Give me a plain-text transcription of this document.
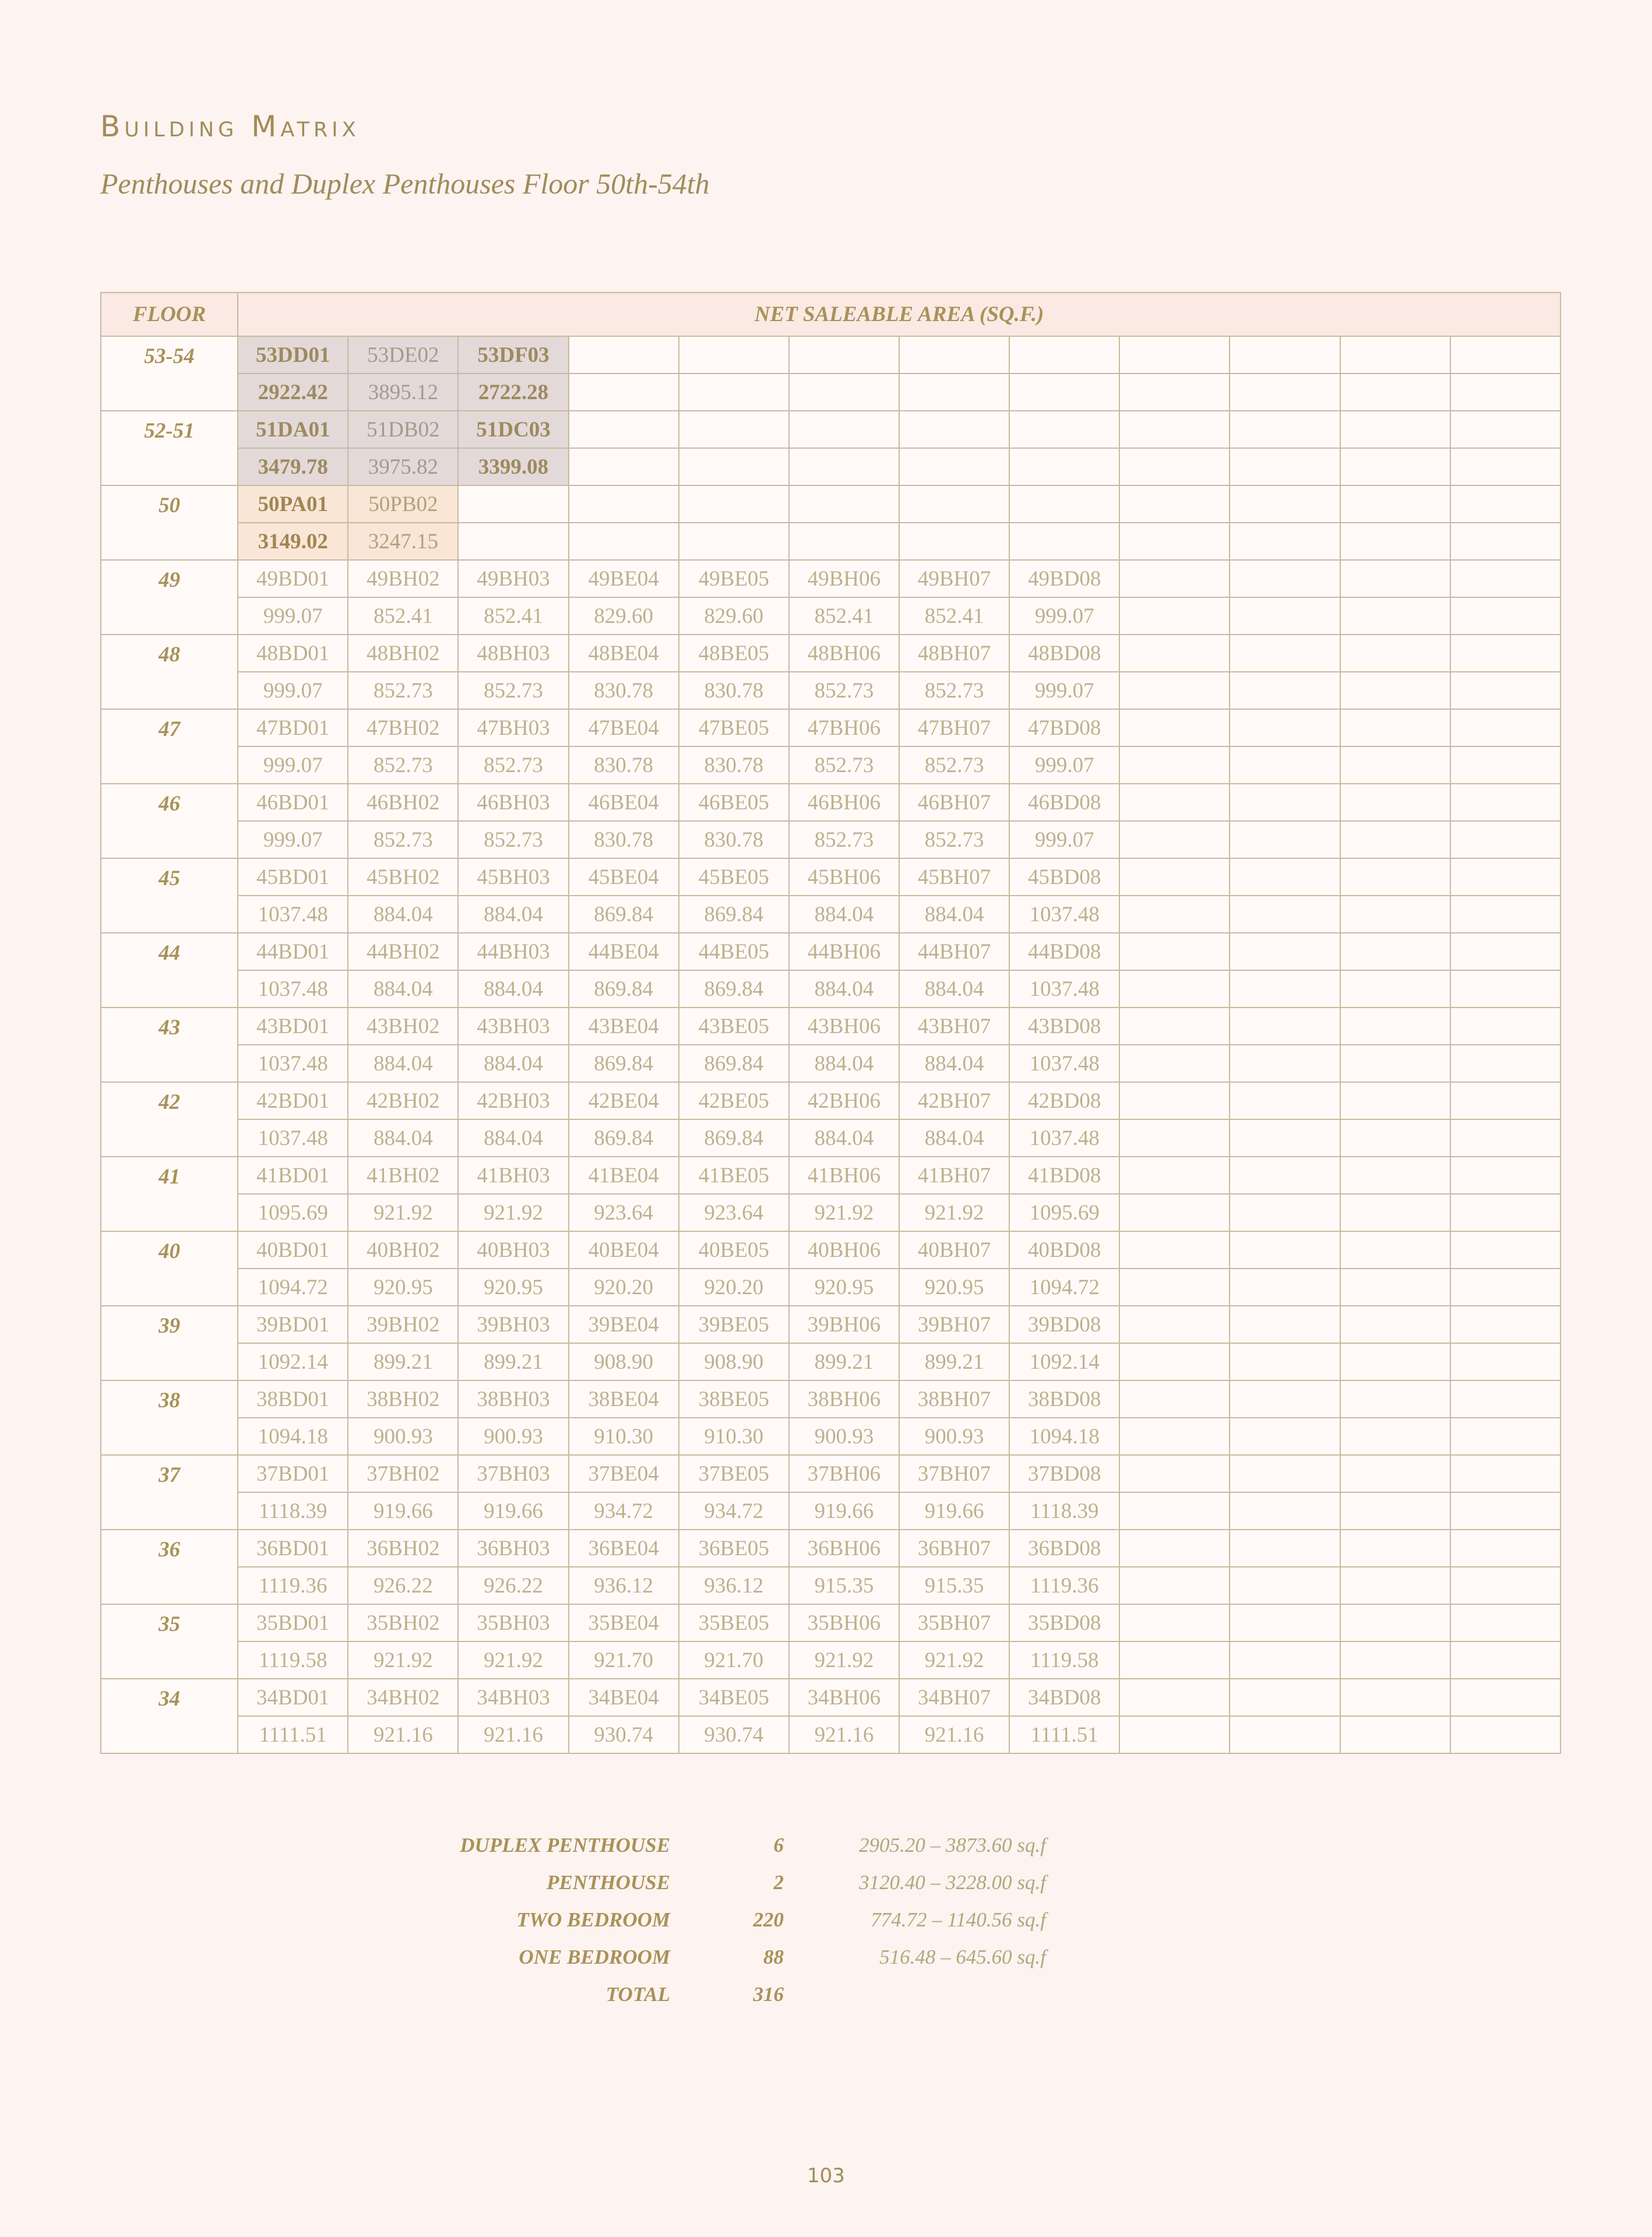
Building Matrix
Penthouses and Duplex Penthouses Floor 50th-54th
FLOOR	NET SALEABLE AREA (SQ.F.)											
53-54	53DD01	53DE02	53DF03									
	2922.42	3895.12	2722.28									
52-51	51DA01	51DB02	51DC03									
	3479.78	3975.82	3399.08									
50	50PA01	50PB02										
	3149.02	3247.15										
49	49BD01	49BH02	49BH03	49BE04	49BE05	49BH06	49BH07	49BD08				
	999.07	852.41	852.41	829.60	829.60	852.41	852.41	999.07				
48	48BD01	48BH02	48BH03	48BE04	48BE05	48BH06	48BH07	48BD08				
	999.07	852.73	852.73	830.78	830.78	852.73	852.73	999.07				
47	47BD01	47BH02	47BH03	47BE04	47BE05	47BH06	47BH07	47BD08				
	999.07	852.73	852.73	830.78	830.78	852.73	852.73	999.07				
46	46BD01	46BH02	46BH03	46BE04	46BE05	46BH06	46BH07	46BD08				
	999.07	852.73	852.73	830.78	830.78	852.73	852.73	999.07				
45	45BD01	45BH02	45BH03	45BE04	45BE05	45BH06	45BH07	45BD08				
	1037.48	884.04	884.04	869.84	869.84	884.04	884.04	1037.48				
44	44BD01	44BH02	44BH03	44BE04	44BE05	44BH06	44BH07	44BD08				
	1037.48	884.04	884.04	869.84	869.84	884.04	884.04	1037.48				
43	43BD01	43BH02	43BH03	43BE04	43BE05	43BH06	43BH07	43BD08				
	1037.48	884.04	884.04	869.84	869.84	884.04	884.04	1037.48				
42	42BD01	42BH02	42BH03	42BE04	42BE05	42BH06	42BH07	42BD08				
	1037.48	884.04	884.04	869.84	869.84	884.04	884.04	1037.48				
41	41BD01	41BH02	41BH03	41BE04	41BE05	41BH06	41BH07	41BD08				
	1095.69	921.92	921.92	923.64	923.64	921.92	921.92	1095.69				
40	40BD01	40BH02	40BH03	40BE04	40BE05	40BH06	40BH07	40BD08				
	1094.72	920.95	920.95	920.20	920.20	920.95	920.95	1094.72				
39	39BD01	39BH02	39BH03	39BE04	39BE05	39BH06	39BH07	39BD08				
	1092.14	899.21	899.21	908.90	908.90	899.21	899.21	1092.14				
38	38BD01	38BH02	38BH03	38BE04	38BE05	38BH06	38BH07	38BD08				
	1094.18	900.93	900.93	910.30	910.30	900.93	900.93	1094.18				
37	37BD01	37BH02	37BH03	37BE04	37BE05	37BH06	37BH07	37BD08				
	1118.39	919.66	919.66	934.72	934.72	919.66	919.66	1118.39				
36	36BD01	36BH02	36BH03	36BE04	36BE05	36BH06	36BH07	36BD08				
	1119.36	926.22	926.22	936.12	936.12	915.35	915.35	1119.36				
35	35BD01	35BH02	35BH03	35BE04	35BE05	35BH06	35BH07	35BD08				
	1119.58	921.92	921.92	921.70	921.70	921.92	921.92	1119.58				
34	34BD01	34BH02	34BH03	34BE04	34BE05	34BH06	34BH07	34BD08				
	1111.51	921.16	921.16	930.74	930.74	921.16	921.16	1111.51				
DUPLEX PENTHOUSE	6	2905.20 – 3873.60 sq.f
PENTHOUSE	2	3120.40 – 3228.00 sq.f
TWO BEDROOM	220	774.72 – 1140.56 sq.f
ONE BEDROOM	88	516.48 – 645.60 sq.f
TOTAL	316
103
